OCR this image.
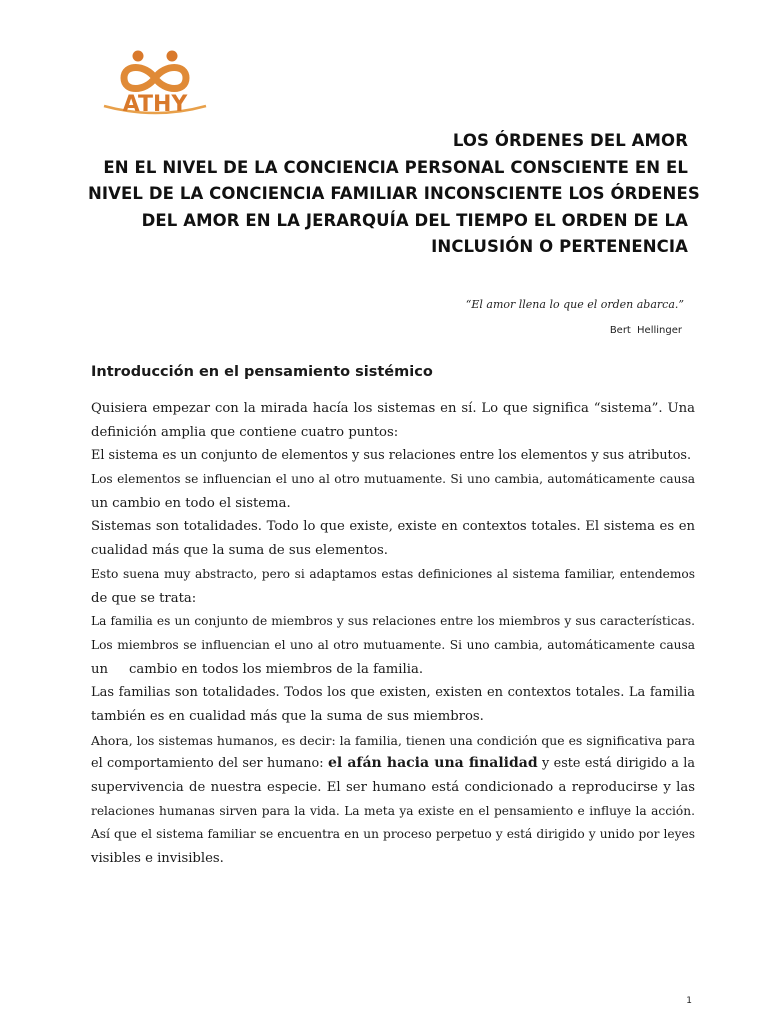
ATHY
LOS ÓRDENES DEL AMOR
EN EL NIVEL DE LA CONCIENCIA PERSONAL CONSCIENTE EN EL
NIVEL DE LA CONCIENCIA FAMILIAR INCONSCIENTE LOS ÓRDENES
DEL AMOR EN LA JERARQUÍA DEL TIEMPO EL ORDEN DE LA
INCLUSIÓN O PERTENENCIA
“El amor llena lo que el orden abarca.”
Bert Hellinger
Introducción en el pensamiento sistémico
Quisiera empezar con la mirada hacía los sistemas en sí. Lo que significa “sistema”. Una
definición amplia que contiene cuatro puntos:
El sistema es un conjunto de elementos y sus relaciones entre los elementos y sus atributos.
Los elementos se influencian el uno al otro mutuamente. Si uno cambia, automáticamente causa
un cambio en todo el sistema.
Sistemas son totalidades. Todo lo que existe, existe en contextos totales. El sistema es en
cualidad más que la suma de sus elementos.
Esto suena muy abstracto, pero si adaptamos estas definiciones al sistema familiar, entendemos
de que se trata:
La familia es un conjunto de miembros y sus relaciones entre los miembros y sus características.
Los miembros se influencian el uno al otro mutuamente. Si uno cambia, automáticamente causa
un     cambio en todos los miembros de la familia.
Las familias son totalidades. Todos los que existen, existen en contextos totales. La familia
también es en cualidad más que la suma de sus miembros.
Ahora, los sistemas humanos, es decir: la familia, tienen una condición que es significativa para
el comportamiento del ser humano: el afán hacia una finalidad y este está dirigido a la
supervivencia de nuestra especie. El ser humano está condicionado a reproducirse y las
relaciones humanas sirven para la vida. La meta ya existe en el pensamiento e influye la acción.
Así que el sistema familiar se encuentra en un proceso perpetuo y está dirigido y unido por leyes
visibles e invisibles.
1
